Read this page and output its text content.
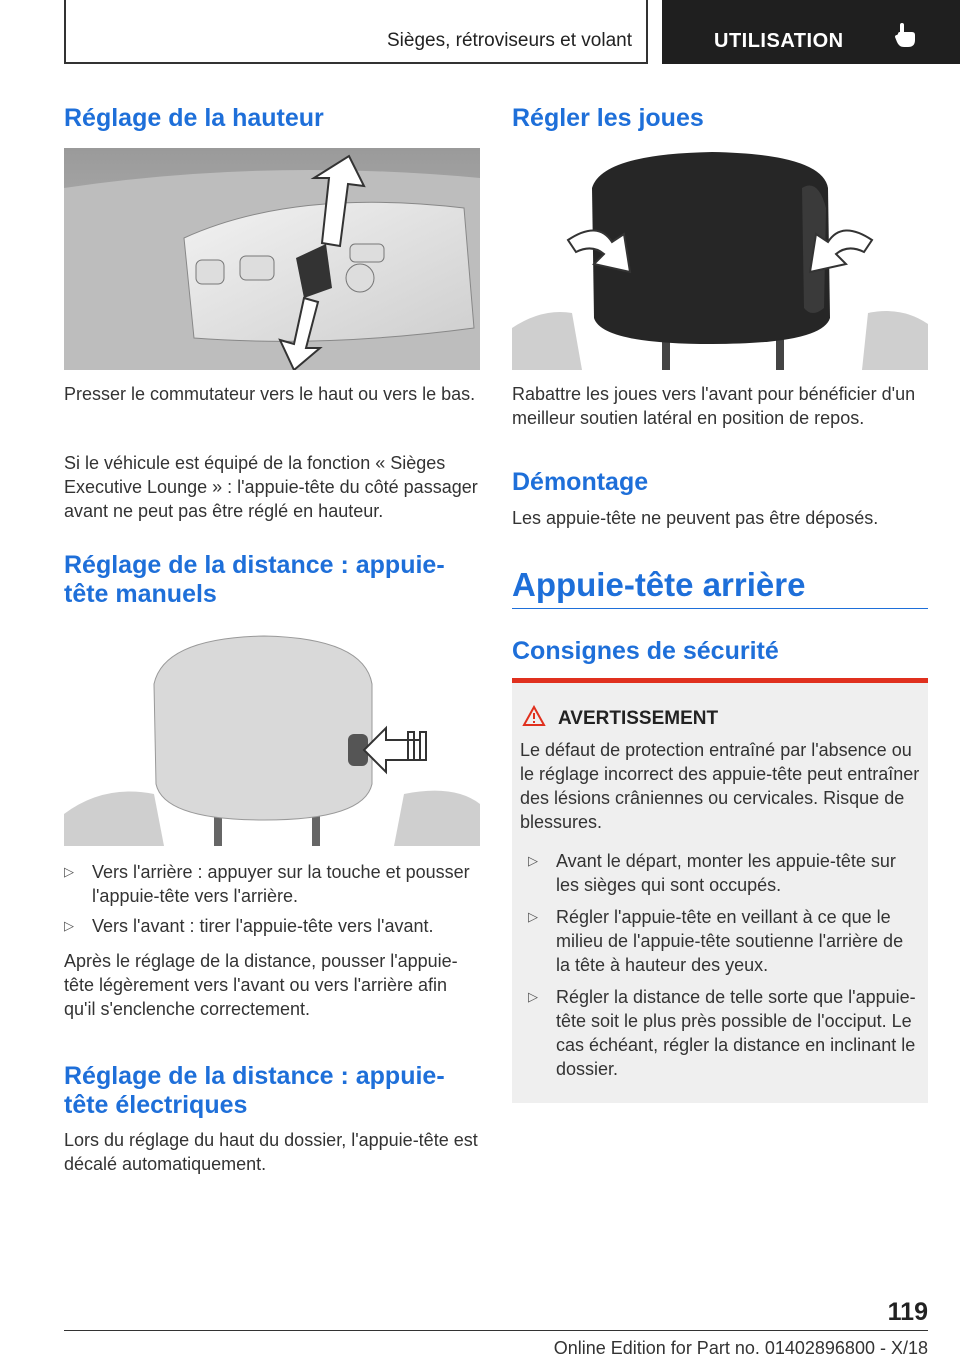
Sièges, rétroviseurs et volant	UTILISATION
Réglage de la hauteur

Presser le commutateur vers le haut ou vers le bas.

Si le véhicule est équipé de la fonction « Sièges Executive Lounge » : l'appuie-tête du côté passager avant ne peut pas être réglé en hauteur.

Réglage de la distance : appuie-tête manuels
▷ Vers l'arrière : appuyer sur la touche et pousser l'appuie-tête vers l'arrière.
▷ Vers l'avant : tirer l'appuie-tête vers l'avant.

Après le réglage de la distance, pousser l'appuie-tête légèrement vers l'avant ou vers l'arrière afin qu'il s'enclenche correctement.

Réglage de la distance : appuie-tête électriques

Lors du réglage du haut du dossier, l'appuie-tête est décalé automatiquement.

Régler les joues

Rabattre les joues vers l'avant pour bénéficier d'un meilleur soutien latéral en position de repos.

Démontage

Les appuie-tête ne peuvent pas être déposés.

Appuie-tête arrière
Consignes de sécurité
AVERTISSEMENT

Le défaut de protection entraîné par l'absence ou le réglage incorrect des appuie-tête peut entraîner des lésions crâniennes ou cervicales. Risque de blessures.

▷ Avant le départ, monter les appuie-tête sur les sièges qui sont occupés.
▷ Régler l'appuie-tête en veillant à ce que le milieu de l'appuie-tête soutienne l'arrière de la tête à hauteur des yeux.
▷ Régler la distance de telle sorte que l'appuie-tête soit le plus près possible de l'occiput. Le cas échéant, régler la distance en inclinant le dossier.
119
Online Edition for Part no. 01402896800 - X/18
